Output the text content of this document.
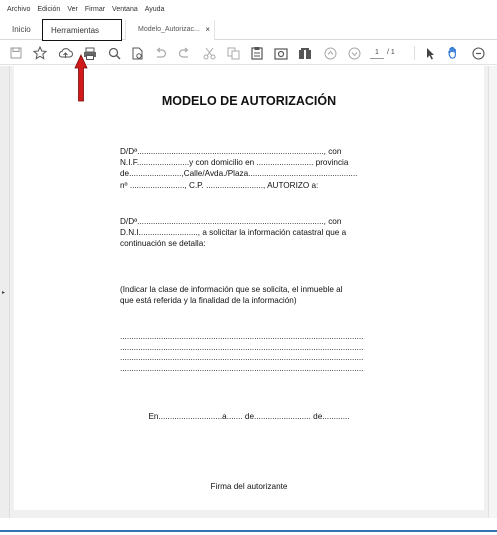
Archivo Edición Ver Firmar Ventana Ayuda
Inicio	Herramientas	Modelo_Autorizac... ×
1	/ 1
▸
MODELO DE AUTORIZACIÓN
D/Dª.................................................................................., con
N.I.F.......................y con domicilio en ......................... provincia
de.......................,Calle/Avda./Plaza................................................
nº ........................, C.P. ........................., AUTORIZO a:
D/Dª.................................................................................., con
D.N.I.........................., a solicitar la información catastral que a
continuación se detalla:
(Indicar la clase de información que se solicita, el inmueble al
que está referida y la finalidad de la información)
...........................................................................................................
...........................................................................................................
...........................................................................................................
...........................................................................................................
En............................a....... de......................... de............
Firma del autorizante
